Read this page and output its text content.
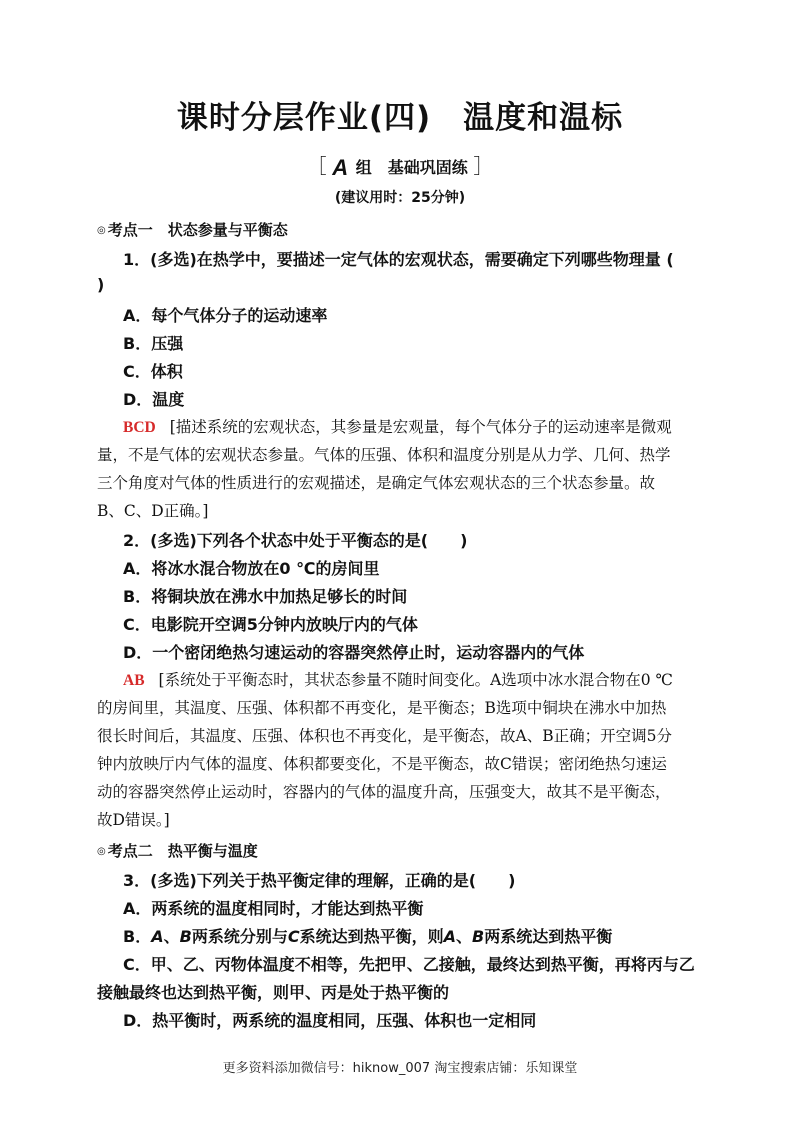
课时分层作业(四)　温度和温标
［ A 组　基础巩固练 ］
(建议用时：25分钟)
◎ 考点一　状态参量与平衡态
1．(多选)在热学中，要描述一定气体的宏观状态，需要确定下列哪些物理量 (
)
A．每个气体分子的运动速率
B．压强
C．体积
D．温度
BCD [描述系统的宏观状态，其参量是宏观量，每个气体分子的运动速率是微观
量，不是气体的宏观状态参量。气体的压强、体积和温度分别是从力学、几何、热学
三个角度对气体的性质进行的宏观描述，是确定气体宏观状态的三个状态参量。故
B、C、D正确。]
2．(多选)下列各个状态中处于平衡态的是(　　)
A．将冰水混合物放在0 ℃的房间里
B．将铜块放在沸水中加热足够长的时间
C．电影院开空调5分钟内放映厅内的气体
D．一个密闭绝热匀速运动的容器突然停止时，运动容器内的气体
AB [系统处于平衡态时，其状态参量不随时间变化。A选项中冰水混合物在0 ℃
的房间里，其温度、压强、体积都不再变化，是平衡态；B选项中铜块在沸水中加热
很长时间后，其温度、压强、体积也不再变化，是平衡态，故A、B正确；开空调5分
钟内放映厅内气体的温度、体积都要变化，不是平衡态，故C错误；密闭绝热匀速运
动的容器突然停止运动时，容器内的气体的温度升高，压强变大，故其不是平衡态，
故D错误。]
◎ 考点二　热平衡与温度
3．(多选)下列关于热平衡定律的理解，正确的是(　　)
A．两系统的温度相同时，才能达到热平衡
B．A、B两系统分别与C系统达到热平衡，则A、B两系统达到热平衡
C．甲、乙、丙物体温度不相等，先把甲、乙接触，最终达到热平衡，再将丙与乙
接触最终也达到热平衡，则甲、丙是处于热平衡的
D．热平衡时，两系统的温度相同，压强、体积也一定相同
更多资料添加微信号：hiknow_007 淘宝搜索店铺：乐知课堂
